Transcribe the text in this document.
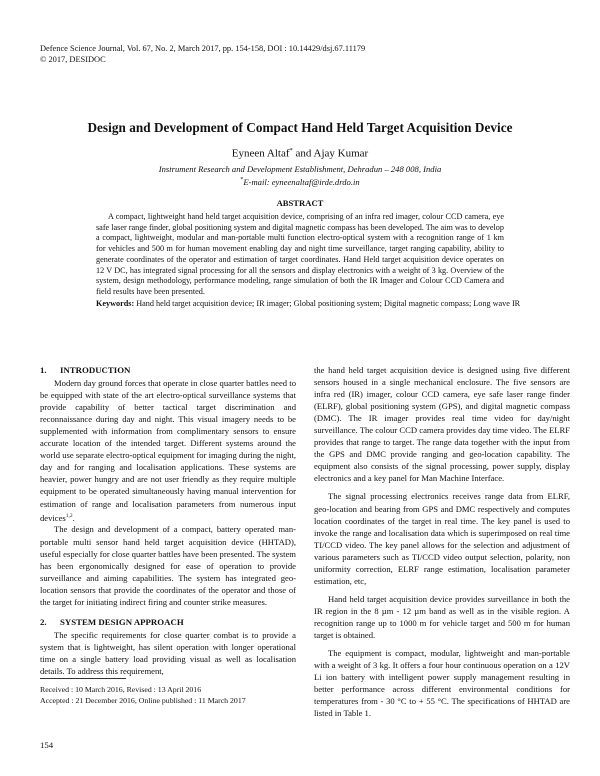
Defence Science Journal, Vol. 67, No. 2, March 2017, pp. 154-158, DOI : 10.14429/dsj.67.11179
© 2017, DESIDOC
Design and Development of Compact Hand Held Target Acquisition Device
Eyneen Altaf* and Ajay Kumar
Instrument Research and Development Establishment, Dehradun – 248 008, India
*E-mail: eyneenaltaf@irde.drdo.in
ABSTRACT
A compact, lightweight hand held target acquisition device, comprising of an infra red imager, colour CCD camera, eye safe laser range finder, global positioning system and digital magnetic compass has been developed. The aim was to develop a compact, lightweight, modular and man-portable multi function electro-optical system with a recognition range of 1 km for vehicles and 500 m for human movement enabling day and night time surveillance, target ranging capability, ability to generate coordinates of the operator and estimation of target coordinates. Hand Held target acquisition device operates on 12 V DC, has integrated signal processing for all the sensors and display electronics with a weight of 3 kg. Overview of the system, design methodology, performance modeling, range simulation of both the IR Imager and Colour CCD Camera and field results have been presented.
Keywords: Hand held target acquisition device; IR imager; Global positioning system; Digital magnetic compass; Long wave IR
1. INTRODUCTION

Modern day ground forces that operate in close quarter battles need to be equipped with state of the art electro-optical surveillance systems that provide capability of better tactical target discrimination and reconnaissance during day and night. This visual imagery needs to be supplemented with information from complimentary sensors to ensure accurate location of the intended target. Different systems around the world use separate electro-optical equipment for imaging during the night, day and for ranging and localisation applications. These systems are heavier, power hungry and are not user friendly as they require multiple equipment to be operated simultaneously having manual intervention for estimation of range and localisation parameters from numerous input devices$^{1,2}$.

The design and development of a compact, battery operated man-portable multi sensor hand held target acquisition device (HHTAD), useful especially for close quarter battles have been presented. The system has been ergonomically designed for ease of operation to provide surveillance and aiming capabilities. The system has integrated geo-location sensors that provide the coordinates of the operator and those of the target for initiating indirect firing and counter strike measures.

2. SYSTEM DESIGN APPROACH

The specific requirements for close quarter combat is to provide a system that is lightweight, has silent operation with longer operational time on a single battery load providing visual as well as localisation details. To address this requirement,

the hand held target acquisition device is designed using five different sensors housed in a single mechanical enclosure. The five sensors are infra red (IR) imager, colour CCD camera, eye safe laser range finder (ELRF), global positioning system (GPS), and digital magnetic compass (DMC). The IR imager provides real time video for day/night surveillance. The colour CCD camera provides day time video. The ELRF provides that range to target. The range data together with the input from the GPS and DMC provide ranging and geo-location capability. The equipment also consists of the signal processing, power supply, display electronics and a key panel for Man Machine Interface.

The signal processing electronics receives range data from ELRF, geo-location and bearing from GPS and DMC respectively and computes location coordinates of the target in real time. The key panel is used to invoke the range and localisation data which is superimposed on real time TI/CCD video. The key panel allows for the selection and adjustment of various parameters such as TI/CCD video output selection, polarity, non uniformity correction, ELRF range estimation, localisation parameter estimation, etc,

Hand held target acquisition device provides surveillance in both the IR region in the 8 µm - 12 µm band as well as in the visible region. A recognition range up to 1000 m for vehicle target and 500 m for human target is obtained.

The equipment is compact, modular, lightweight and man-portable with a weight of 3 kg. It offers a four hour continuous operation on a 12V Li ion battery with intelligent power supply management resulting in better performance across different environmental conditions for temperatures from - 30 °C to + 55 °C. The specifications of HHTAD are listed in Table 1.

Received : 10 March 2016, Revised : 13 April 2016
Accepted : 21 December 2016, Online published : 11 March 2017
154
